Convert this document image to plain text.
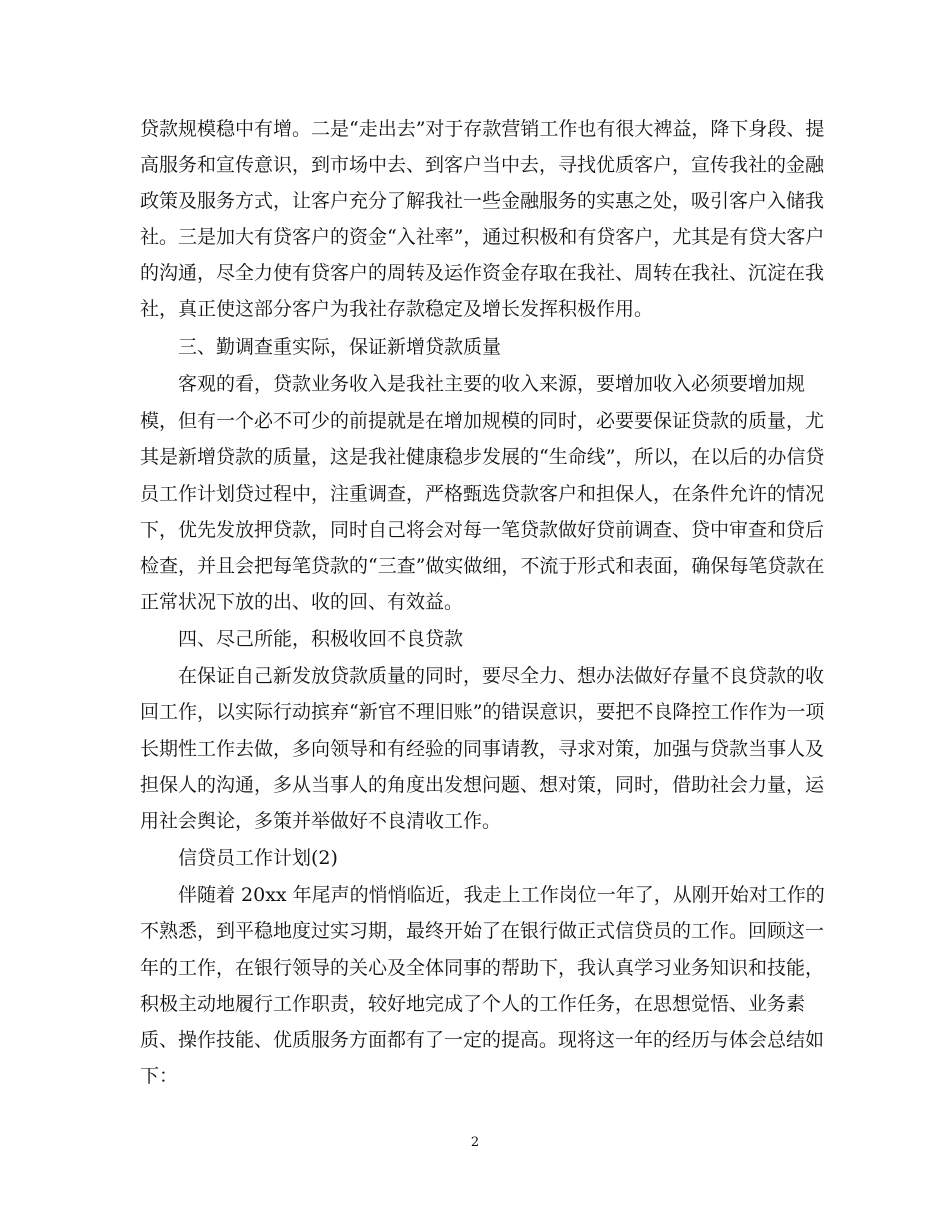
贷款规模稳中有增。二是“走出去”对于存款营销工作也有很大裨益，降下身段、提
高服务和宣传意识，到市场中去、到客户当中去，寻找优质客户，宣传我社的金融
政策及服务方式，让客户充分了解我社一些金融服务的实惠之处，吸引客户入储我
社。三是加大有贷客户的资金“入社率”，通过积极和有贷客户，尤其是有贷大客户
的沟通，尽全力使有贷客户的周转及运作资金存取在我社、周转在我社、沉淀在我
社，真正使这部分客户为我社存款稳定及增长发挥积极作用。
三、勤调查重实际，保证新增贷款质量
客观的看，贷款业务收入是我社主要的收入来源，要增加收入必须要增加规
模，但有一个必不可少的前提就是在增加规模的同时，必要要保证贷款的质量，尤
其是新增贷款的质量，这是我社健康稳步发展的“生命线”，所以，在以后的办信贷
员工作计划贷过程中，注重调查，严格甄选贷款客户和担保人，在条件允许的情况
下，优先发放押贷款，同时自己将会对每一笔贷款做好贷前调查、贷中审查和贷后
检查，并且会把每笔贷款的“三查”做实做细，不流于形式和表面，确保每笔贷款在
正常状况下放的出、收的回、有效益。
四、尽己所能，积极收回不良贷款
在保证自己新发放贷款质量的同时，要尽全力、想办法做好存量不良贷款的收
回工作，以实际行动摈弃“新官不理旧账”的错误意识，要把不良降控工作作为一项
长期性工作去做，多向领导和有经验的同事请教，寻求对策，加强与贷款当事人及
担保人的沟通，多从当事人的角度出发想问题、想对策，同时，借助社会力量，运
用社会舆论，多策并举做好不良清收工作。
信贷员工作计划(2)
伴随着 20xx 年尾声的悄悄临近，我走上工作岗位一年了，从刚开始对工作的
不熟悉，到平稳地度过实习期，最终开始了在银行做正式信贷员的工作。回顾这一
年的工作，在银行领导的关心及全体同事的帮助下，我认真学习业务知识和技能，
积极主动地履行工作职责，较好地完成了个人的工作任务，在思想觉悟、业务素
质、操作技能、优质服务方面都有了一定的提高。现将这一年的经历与体会总结如
下：
2
